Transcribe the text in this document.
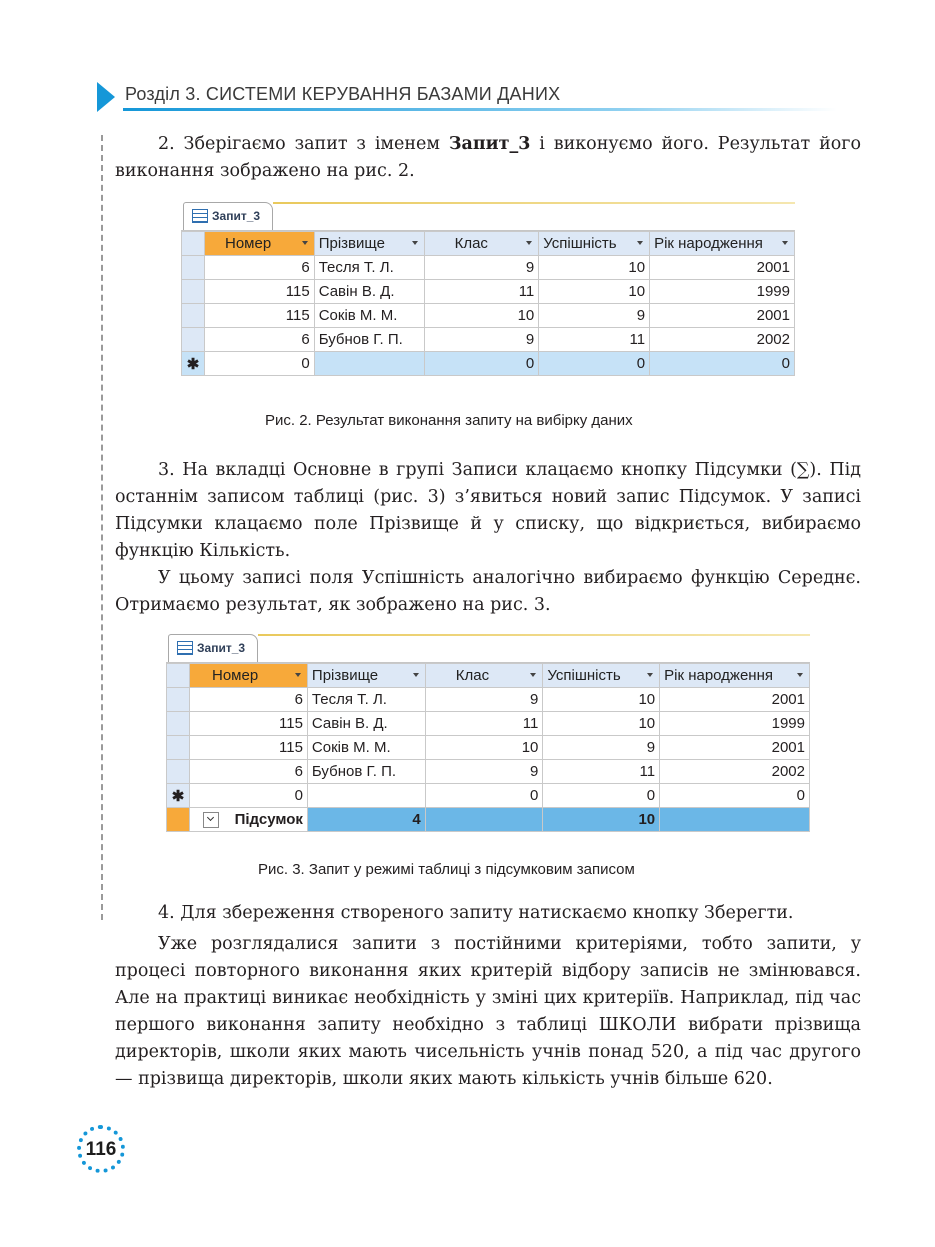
Розділ 3. СИСТЕМИ КЕРУВАННЯ БАЗАМИ ДАНИХ

2. Зберігаємо запит з іменем Запит_3 і виконуємо його. Результат його виконання зображено на рис. 2.

Запит_3
	Номер	Прізвище	Клас	Успішність	Рік народження

	6	Тесля Т. Л.	9	10	2001
	115	Савін В. Д.	11	10	1999
	115	Соків М. М.	10	9	2001
	6	Бубнов Г. П.	9	11	2002
✱	0		0	0	0
Рис. 2. Результат виконання запиту на вибірку даних

3. На вкладці Основне в групі Записи клацаємо кнопку Підсумки (∑). Під останнім записом таблиці (рис. 3) з’явиться новий запис Підсумок. У записі Підсумки клацаємо поле Прізвище й у списку, що відкриється, вибираємо функцію Кількість.

У цьому записі поля Успішність аналогічно вибираємо функцію Середнє. Отримаємо результат, як зображено на рис. 3.

Запит_3
	Номер	Прізвище	Клас	Успішність	Рік народження

	6	Тесля Т. Л.	9	10	2001
	115	Савін В. Д.	11	10	1999
	115	Соків М. М.	10	9	2001
	6	Бубнов Г. П.	9	11	2002
✱	0		0	0	0
	Підсумок	4		10	
Рис. 3. Запит у режимі таблиці з підсумковим записом

4. Для збереження створеного запиту натискаємо кнопку Зберегти.

Уже розглядалися запити з постійними критеріями, тобто запити, у процесі повторного виконання яких критерій відбору записів не змінювався. Але на практиці виникає необхідність у зміні цих критеріїв. Наприклад, під час першого виконання запиту необхідно з таблиці ШКОЛИ вибрати прізвища директорів, школи яких мають чисельність учнів понад 520, а під час другого — прізвища директорів, школи яких мають кількість учнів більше 620.

116
